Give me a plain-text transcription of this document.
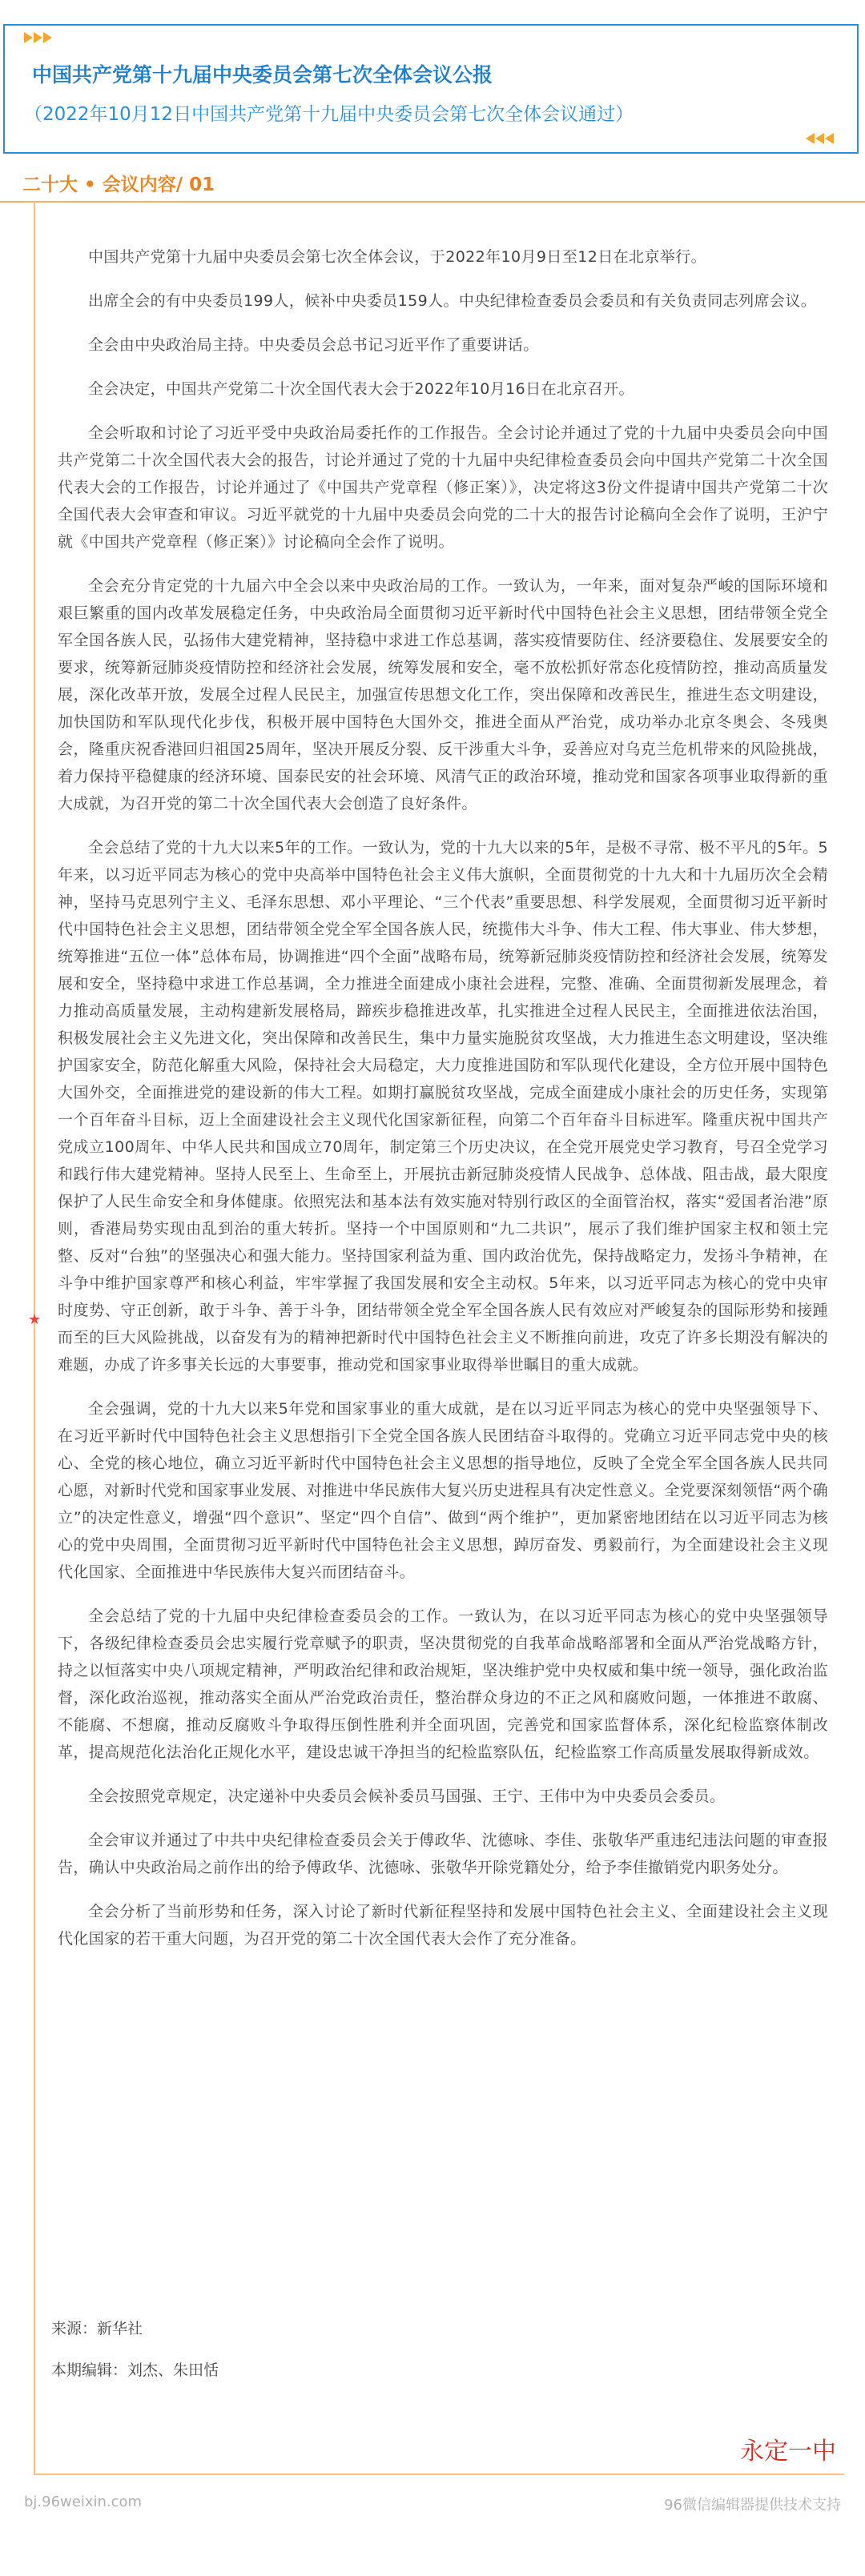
中国共产党第十九届中央委员会第七次全体会议公报
（2022年10月12日中国共产党第十九届中央委员会第七次全体会议通过）
二十大 • 会议内容/ 01
★

中国共产党第十九届中央委员会第七次全体会议，于2022年10月9日至12日在北京举行。

出席全会的有中央委员199人，候补中央委员159人。中央纪律检查委员会委员和有关负责同志列席会议。

全会由中央政治局主持。中央委员会总书记习近平作了重要讲话。

全会决定，中国共产党第二十次全国代表大会于2022年10月16日在北京召开。

全会听取和讨论了习近平受中央政治局委托作的工作报告。全会讨论并通过了党的十九届中央委员会向中国共产党第二十次全国代表大会的报告，讨论并通过了党的十九届中央纪律检查委员会向中国共产党第二十次全国代表大会的工作报告，讨论并通过了《中国共产党章程（修正案）》，决定将这3份文件提请中国共产党第二十次全国代表大会审查和审议。习近平就党的十九届中央委员会向党的二十大的报告讨论稿向全会作了说明，王沪宁就《中国共产党章程（修正案）》讨论稿向全会作了说明。

全会充分肯定党的十九届六中全会以来中央政治局的工作。一致认为，一年来，面对复杂严峻的国际环境和艰巨繁重的国内改革发展稳定任务，中央政治局全面贯彻习近平新时代中国特色社会主义思想，团结带领全党全军全国各族人民，弘扬伟大建党精神，坚持稳中求进工作总基调，落实疫情要防住、经济要稳住、发展要安全的要求，统筹新冠肺炎疫情防控和经济社会发展，统筹发展和安全，毫不放松抓好常态化疫情防控，推动高质量发展，深化改革开放，发展全过程人民民主，加强宣传思想文化工作，突出保障和改善民生，推进生态文明建设，加快国防和军队现代化步伐，积极开展中国特色大国外交，推进全面从严治党，成功举办北京冬奥会、冬残奥会，隆重庆祝香港回归祖国25周年，坚决开展反分裂、反干涉重大斗争，妥善应对乌克兰危机带来的风险挑战，着力保持平稳健康的经济环境、国泰民安的社会环境、风清气正的政治环境，推动党和国家各项事业取得新的重大成就，为召开党的第二十次全国代表大会创造了良好条件。

全会总结了党的十九大以来5年的工作。一致认为，党的十九大以来的5年，是极不寻常、极不平凡的5年。5年来，以习近平同志为核心的党中央高举中国特色社会主义伟大旗帜，全面贯彻党的十九大和十九届历次全会精神，坚持马克思列宁主义、毛泽东思想、邓小平理论、“三个代表”重要思想、科学发展观，全面贯彻习近平新时代中国特色社会主义思想，团结带领全党全军全国各族人民，统揽伟大斗争、伟大工程、伟大事业、伟大梦想，统筹推进“五位一体”总体布局，协调推进“四个全面”战略布局，统筹新冠肺炎疫情防控和经济社会发展，统筹发展和安全，坚持稳中求进工作总基调，全力推进全面建成小康社会进程，完整、准确、全面贯彻新发展理念，着力推动高质量发展，主动构建新发展格局，蹄疾步稳推进改革，扎实推进全过程人民民主，全面推进依法治国，积极发展社会主义先进文化，突出保障和改善民生，集中力量实施脱贫攻坚战，大力推进生态文明建设，坚决维护国家安全，防范化解重大风险，保持社会大局稳定，大力度推进国防和军队现代化建设，全方位开展中国特色大国外交，全面推进党的建设新的伟大工程。如期打赢脱贫攻坚战，完成全面建成小康社会的历史任务，实现第一个百年奋斗目标，迈上全面建设社会主义现代化国家新征程，向第二个百年奋斗目标进军。隆重庆祝中国共产党成立100周年、中华人民共和国成立70周年，制定第三个历史决议，在全党开展党史学习教育，号召全党学习和践行伟大建党精神。坚持人民至上、生命至上，开展抗击新冠肺炎疫情人民战争、总体战、阻击战，最大限度保护了人民生命安全和身体健康。依照宪法和基本法有效实施对特别行政区的全面管治权，落实“爱国者治港”原则，香港局势实现由乱到治的重大转折。坚持一个中国原则和“九二共识”，展示了我们维护国家主权和领土完整、反对“台独”的坚强决心和强大能力。坚持国家利益为重、国内政治优先，保持战略定力，发扬斗争精神，在斗争中维护国家尊严和核心利益，牢牢掌握了我国发展和安全主动权。5年来，以习近平同志为核心的党中央审时度势、守正创新，敢于斗争、善于斗争，团结带领全党全军全国各族人民有效应对严峻复杂的国际形势和接踵而至的巨大风险挑战，以奋发有为的精神把新时代中国特色社会主义不断推向前进，攻克了许多长期没有解决的难题，办成了许多事关长远的大事要事，推动党和国家事业取得举世瞩目的重大成就。

全会强调，党的十九大以来5年党和国家事业的重大成就，是在以习近平同志为核心的党中央坚强领导下、在习近平新时代中国特色社会主义思想指引下全党全国各族人民团结奋斗取得的。党确立习近平同志党中央的核心、全党的核心地位，确立习近平新时代中国特色社会主义思想的指导地位，反映了全党全军全国各族人民共同心愿，对新时代党和国家事业发展、对推进中华民族伟大复兴历史进程具有决定性意义。全党要深刻领悟“两个确立”的决定性意义，增强“四个意识”、坚定“四个自信”、做到“两个维护”，更加紧密地团结在以习近平同志为核心的党中央周围，全面贯彻习近平新时代中国特色社会主义思想，踔厉奋发、勇毅前行，为全面建设社会主义现代化国家、全面推进中华民族伟大复兴而团结奋斗。

全会总结了党的十九届中央纪律检查委员会的工作。一致认为，在以习近平同志为核心的党中央坚强领导下，各级纪律检查委员会忠实履行党章赋予的职责，坚决贯彻党的自我革命战略部署和全面从严治党战略方针，持之以恒落实中央八项规定精神，严明政治纪律和政治规矩，坚决维护党中央权威和集中统一领导，强化政治监督，深化政治巡视，推动落实全面从严治党政治责任，整治群众身边的不正之风和腐败问题，一体推进不敢腐、不能腐、不想腐，推动反腐败斗争取得压倒性胜利并全面巩固，完善党和国家监督体系，深化纪检监察体制改革，提高规范化法治化正规化水平，建设忠诚干净担当的纪检监察队伍，纪检监察工作高质量发展取得新成效。

全会按照党章规定，决定递补中央委员会候补委员马国强、王宁、王伟中为中央委员会委员。

全会审议并通过了中共中央纪律检查委员会关于傅政华、沈德咏、李佳、张敬华严重违纪违法问题的审查报告，确认中央政治局之前作出的给予傅政华、沈德咏、张敬华开除党籍处分，给予李佳撤销党内职务处分。

全会分析了当前形势和任务，深入讨论了新时代新征程坚持和发展中国特色社会主义、全面建设社会主义现代化国家的若干重大问题，为召开党的第二十次全国代表大会作了充分准备。

来源：新华社
本期编辑：刘杰、朱田恬
永定一中
bj.96weixin.com	96微信编辑器提供技术支持
